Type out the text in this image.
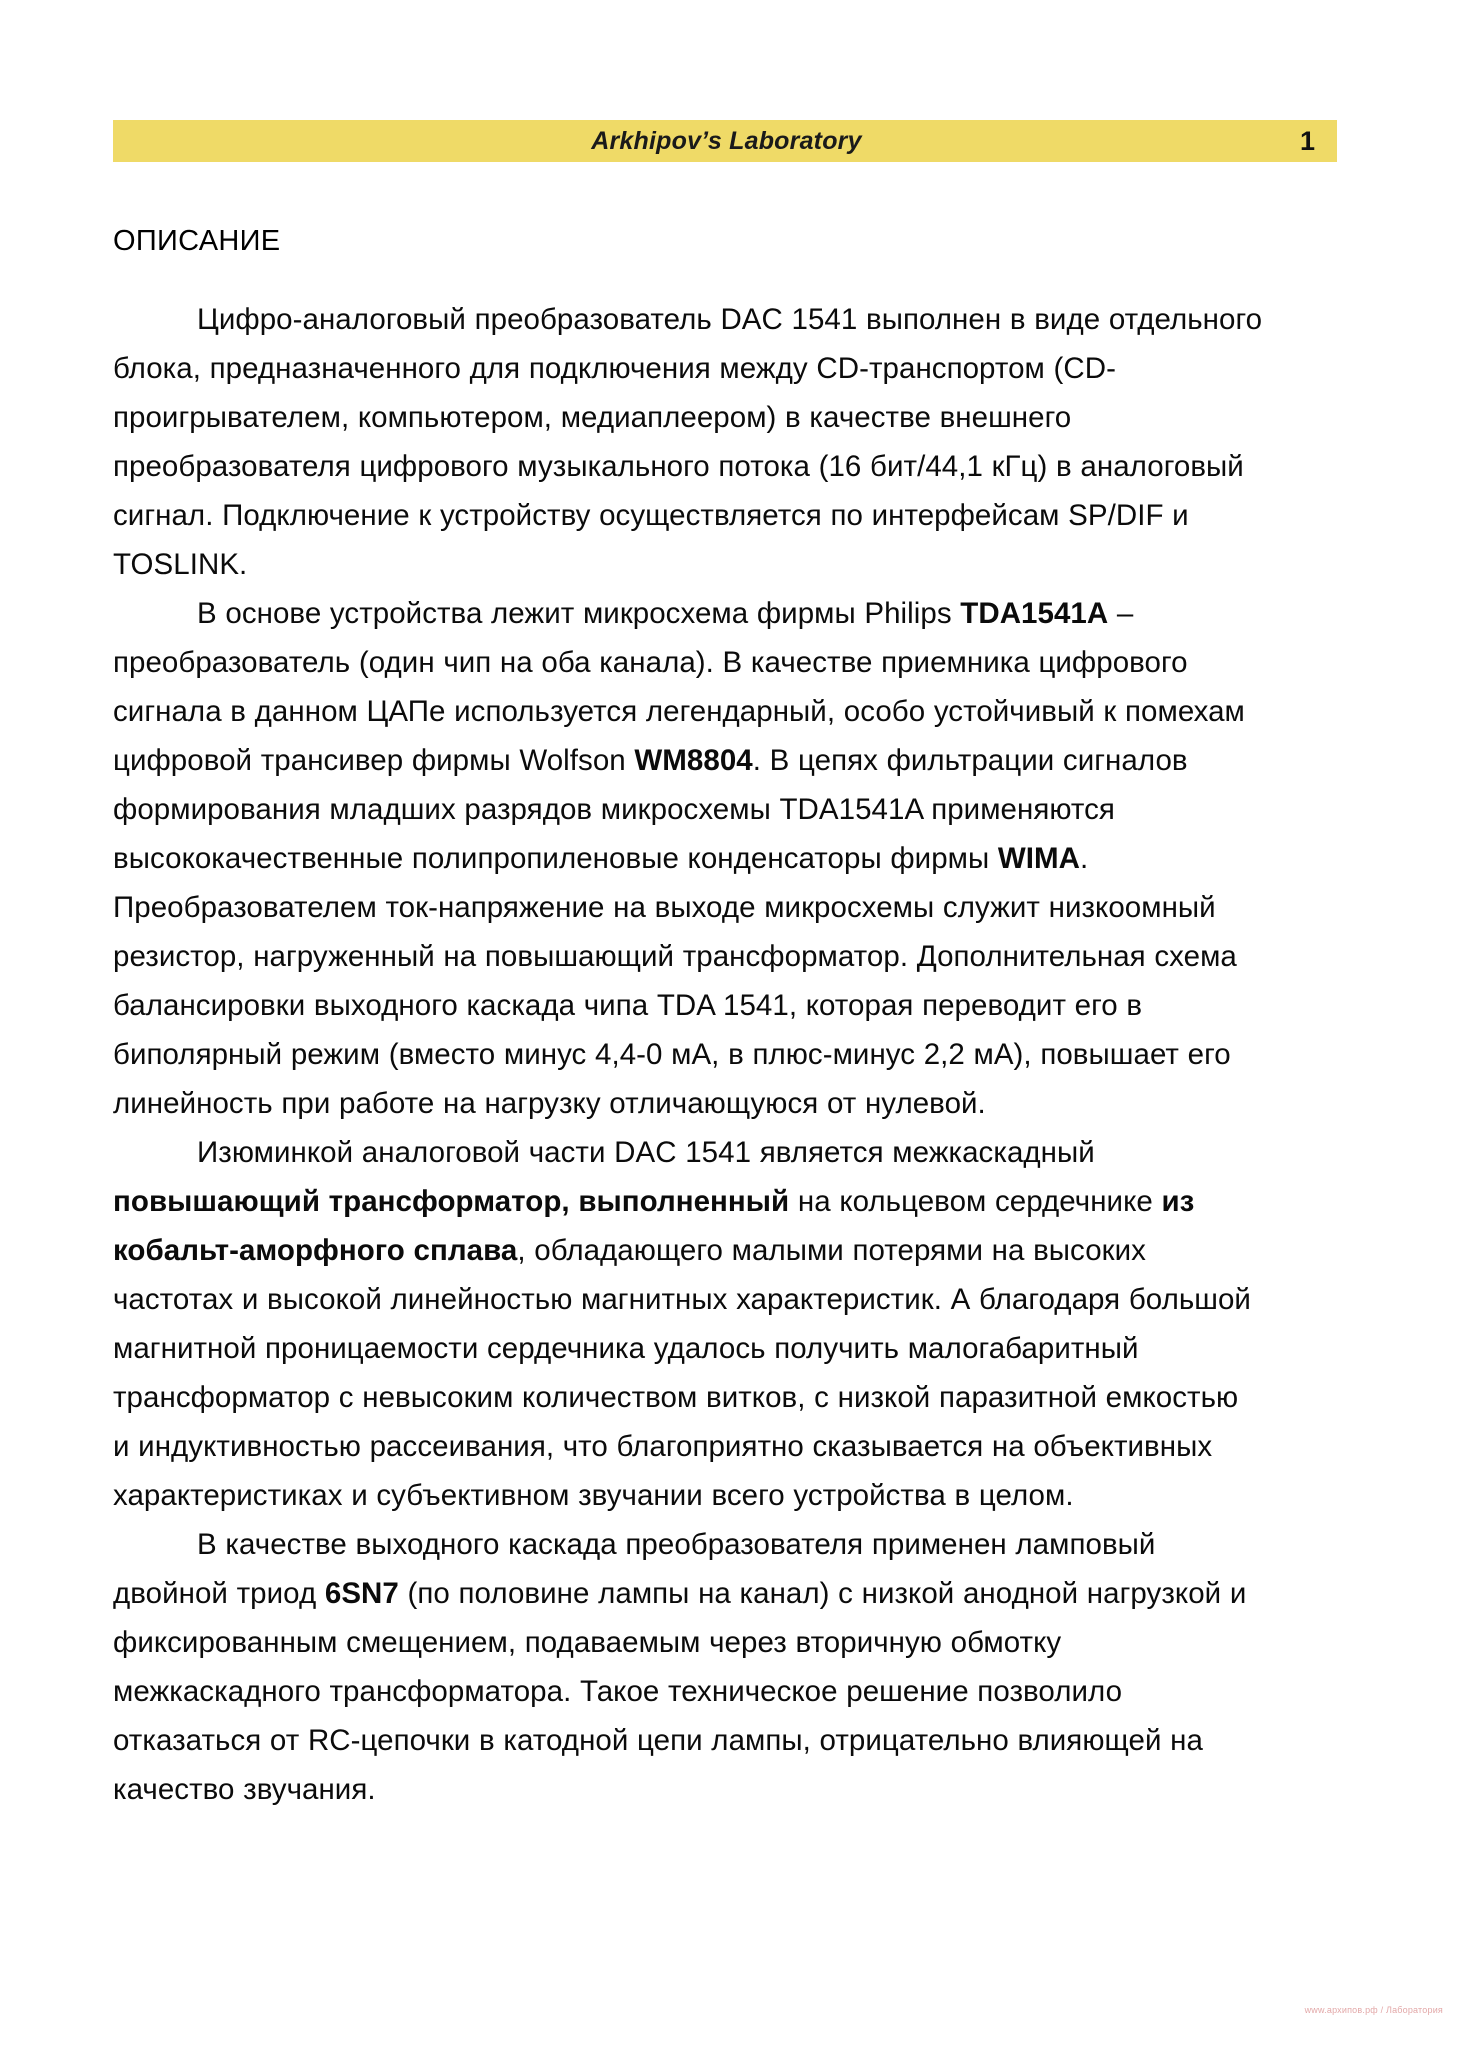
Arkhipov’s Laboratory	1
ОПИСАНИЕ

Цифро-аналоговый преобразователь DAC 1541 выполнен в виде отдельного блока, предназначенного для подключения между CD-транспортом (CD-проигрывателем, компьютером, медиаплеером) в качестве внешнего преобразователя цифрового музыкального потока (16 бит/44,1 кГц) в аналоговый сигнал. Подключение к устройству осуществляется по интерфейсам SP/DIF и TOSLINK.

В основе устройства лежит микросхема фирмы Philips TDA1541A – преобразователь (один чип на оба канала). В качестве приемника цифрового сигнала в данном ЦАПе используется легендарный, особо устойчивый к помехам цифровой трансивер фирмы Wolfson WM8804. В цепях фильтрации сигналов формирования младших разрядов микросхемы TDA1541A применяются высококачественные полипропиленовые конденсаторы фирмы WIMA. Преобразователем ток-напряжение на выходе микросхемы служит низкоомный резистор, нагруженный на повышающий трансформатор. Дополнительная схема балансировки выходного каскада чипа TDA 1541, которая переводит его в биполярный режим (вместо минус 4,4-0 мА, в плюс-минус 2,2 мА), повышает его линейность при работе на нагрузку отличающуюся от нулевой.

Изюминкой аналоговой части DAC 1541 является межкаскадный повышающий трансформатор, выполненный на кольцевом сердечнике из кобальт-аморфного сплава, обладающего малыми потерями на высоких частотах и высокой линейностью магнитных характеристик. А благодаря большой магнитной проницаемости сердечника удалось получить малогабаритный трансформатор с невысоким количеством витков, с низкой паразитной емкостью и индуктивностью рассеивания, что благоприятно сказывается на объективных характеристиках и субъективном звучании всего устройства в целом.

В качестве выходного каскада преобразователя применен ламповый двойной триод 6SN7 (по половине лампы на канал) с низкой анодной нагрузкой и фиксированным смещением, подаваемым через вторичную обмотку межкаскадного трансформатора. Такое техническое решение позволило отказаться от RC-цепочки в катодной цепи лампы, отрицательно влияющей на качество звучания.

www.архипов.рф / Лаборатория
